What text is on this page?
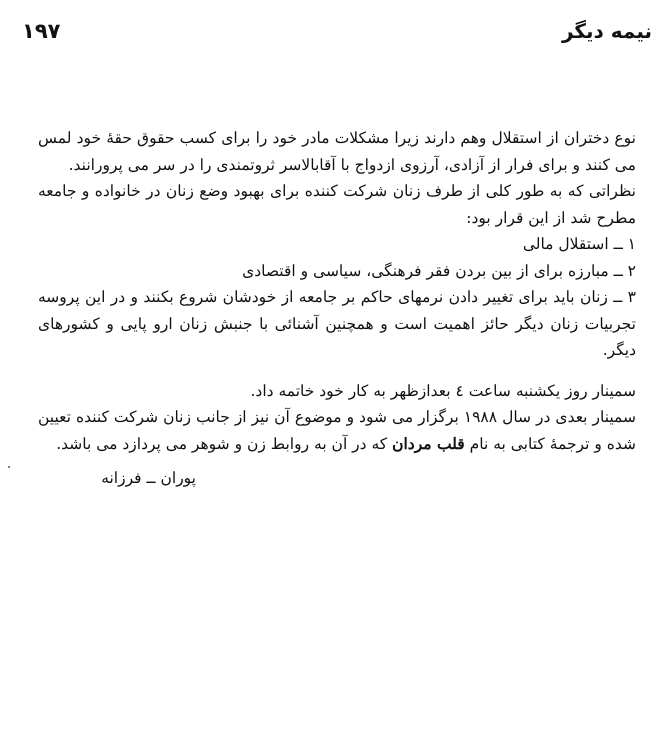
نیمه دیگر
۱۹۷

نوع دختران از استقلال وهم دارند زیرا مشکلات مادر خود را برای کسب حقوق حقهٔ خود لمس می کنند و برای فرار از آزادی، آرزوی ازدواج با آقابالاسر ثروتمندی را در سر می پرورانند.

نظراتی که به طور کلی از طرف زنان شرکت کننده برای بهبود وضع زنان در خانواده و جامعه مطرح شد از این قرار بود:

۱ ــ استقلال مالی
۲ ــ مبارزه برای از بین بردن فقر فرهنگی، سیاسی و اقتصادی
۳ ــ زنان باید برای تغییر دادن نرمهای حاکم بر جامعه از خودشان شروع بکنند و در این پروسه تجربیات زنان دیگر حائز اهمیت است و همچنین آشنائی با جنبش زنان ارو پایی و کشورهای دیگر.

سمینار روز یکشنبه ساعت ٤ بعدازظهر به کار خود خاتمه داد.

سمینار بعدی در سال ۱۹۸۸ برگزار می شود و موضوع آن نیز از جانب زنان شرکت کننده تعیین شده و ترجمهٔ کتابی به نام قلب مردان که در آن به روابط زن و شوهر می پردازد می باشد.

پوران ــ فرزانه
